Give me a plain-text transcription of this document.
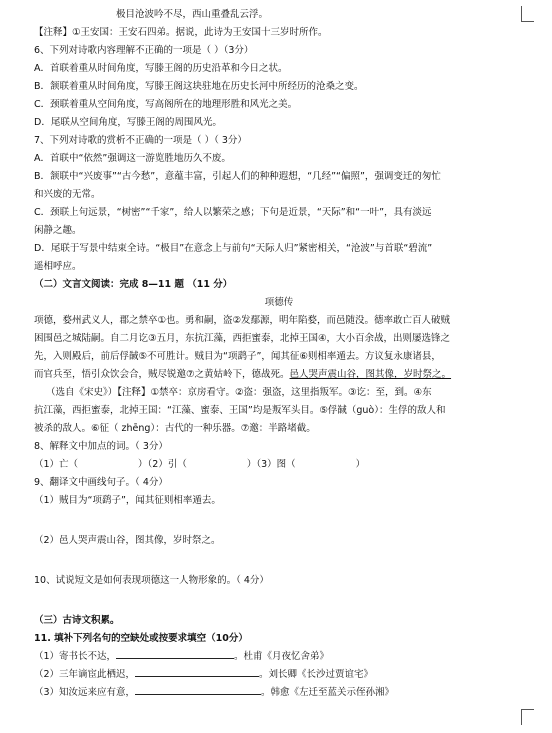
极目沧波吟不尽，西山重叠乱云浮。
【注释】①王安国：王安石四弟。据说，此诗为王安国十三岁时所作。
6、下列对诗歌内容理解不正确的一项是（ ）（3分）
A．首联着重从时间角度，写滕王阁的历史沿革和今日之状。
B．颔联着重从时间角度，写滕王阁这块驻地在历史长河中所经历的沧桑之变。
C．颈联着重从空间角度，写高阁所在的地理形胜和风光之美。
D．尾联从空间角度，写滕王阁的周围风光。
7、下列对诗歌的赏析不正确的一项是（ ）（ 3分）
A．首联中“依然”强调这一游览胜地历久不废。
B．颔联中“兴废事”“古今愁”，意蕴丰富，引起人们的种种遐想，“几经”“偏照”，强调变迁的匆忙
和兴废的无常。
C．颈联上句远景，“树密”“千家”，给人以繁荣之感；下句是近景，“天际”和“一叶”，具有淡远
闲静之趣。
D．尾联于写景中结束全诗。“极目”在意念上与前句“天际人归”紧密相关，“沧波”与首联“碧流”
遥相呼应。
（二）文言文阅读：完成 8—11 题 （11 分）
项德传
项德，婺州武义人，郡之禁卒①也。勇和嗣，盗②发鄢源，明年陷婺，而邑随没。德率敢亡百人破贼
困围邑之城陆嗣。自二月讫③五月，东抗江藻，西拒蜜泰，北掉王国④，大小百余战，出则屡选锋之
先，入则殿后，前后俘馘⑤不可胜计。贼目为“项鹞子”，闻其征⑥则相率遁去。方议复永康诸县，
而官兵至，悟引众饮会合，贼尽锐邀⑦之黄姑岭下，德战死。邑人哭声震山谷，图其像，岁时祭之。
（选自《宋史》）【注释】①禁卒：京房看守。②盗：强盗，这里指叛军。③讫：至，到。④东
抗江藻，西拒蜜泰，北掉王国：“江藻、蜜泰、王国”均是叛军头目。⑤俘馘（guò）：生俘的敌人和
被杀的敌人。⑥征（ zhēng）：古代的一种乐器。⑦邀：半路堵截。
8、解释文中加点的词。（ 3分）
（1）亡（	）（2）引（	）（3）图（	）
9、翻译文中画线句子。（ 4分）
（1）贼目为“项鹞子”，闻其征则相率遁去。
（2）邑人哭声震山谷，图其像，岁时祭之。
10、试说短文是如何表现项德这一人物形象的。（ 4分）
（三）古诗文积累。
11. 填补下列名句的空缺处或按要求填空（10分）
（1）寄书长不达，	。杜甫《月夜忆舍弟》
（2）三年谪宦此栖迟，	。刘长卿《长沙过贾谊宅》
（3）知汝远来应有意，	。韩愈《左迁至蓝关示侄孙湘》
